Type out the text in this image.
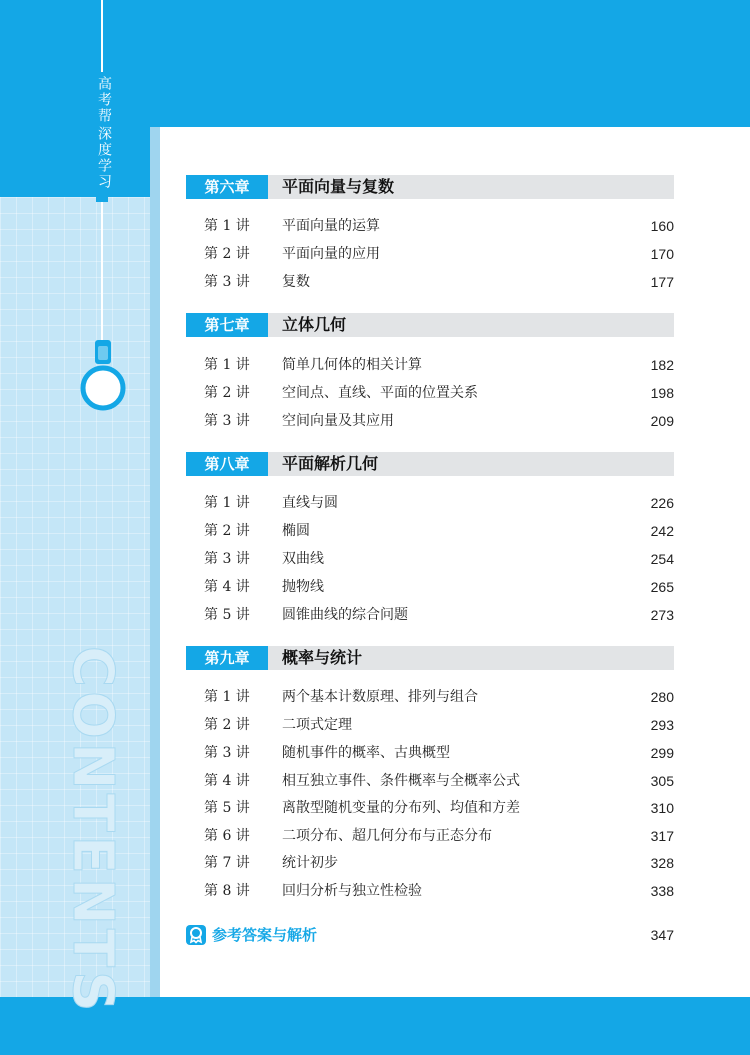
高考帮
深度学习
CONTENTS
第六章	平面向量与复数
第 1 讲 平面向量的运算	160
第 2 讲 平面向量的应用	170
第 3 讲 复数	177
第七章	立体几何
第 1 讲 简单几何体的相关计算	182
第 2 讲 空间点、直线、平面的位置关系	198
第 3 讲 空间向量及其应用	209
第八章	平面解析几何
第 1 讲 直线与圆	226
第 2 讲 椭圆	242
第 3 讲 双曲线	254
第 4 讲 抛物线	265
第 5 讲 圆锥曲线的综合问题	273
第九章	概率与统计
第 1 讲 两个基本计数原理、排列与组合	280
第 2 讲 二项式定理	293
第 3 讲 随机事件的概率、古典概型	299
第 4 讲 相互独立事件、条件概率与全概率公式	305
第 5 讲 离散型随机变量的分布列、均值和方差	310
第 6 讲 二项分布、超几何分布与正态分布	317
第 7 讲 统计初步	328
第 8 讲 回归分析与独立性检验	338
参考答案与解析	347
